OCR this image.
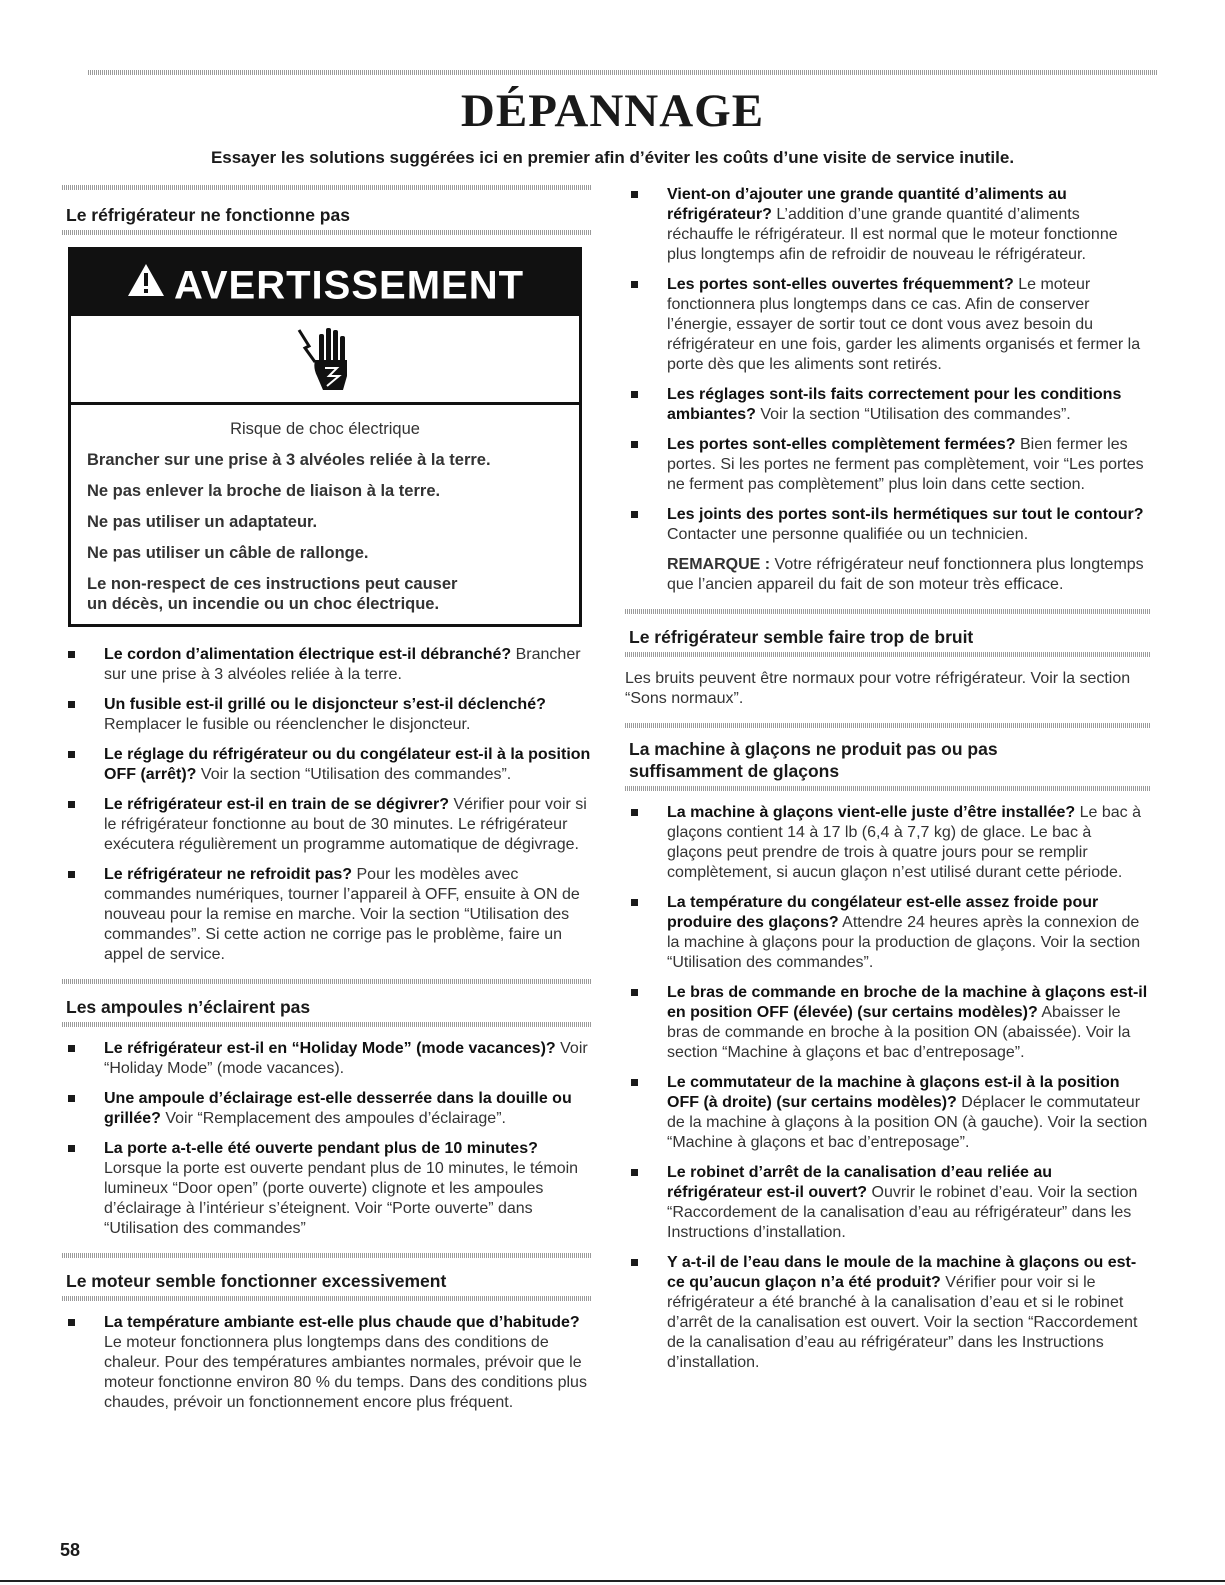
DÉPANNAGE

Essayer les solutions suggérées ici en premier afin d’éviter les coûts d’une visite de service inutile.

Le réfrigérateur ne fonctionne pas
AVERTISSEMENT

Risque de choc électrique

Brancher sur une prise à 3 alvéoles reliée à la terre.

Ne pas enlever la broche de liaison à la terre.

Ne pas utiliser un adaptateur.

Ne pas utiliser un câble de rallonge.

Le non-respect de ces instructions peut causer
un décès, un incendie ou un choc électrique.

Le cordon d’alimentation électrique est-il débranché? Brancher sur une prise à 3 alvéoles reliée à la terre.
Un fusible est-il grillé ou le disjoncteur s’est-il déclenché? Remplacer le fusible ou réenclencher le disjoncteur.
Le réglage du réfrigérateur ou du congélateur est-il à la position OFF (arrêt)? Voir la section “Utilisation des commandes”.
Le réfrigérateur est-il en train de se dégivrer? Vérifier pour voir si le réfrigérateur fonctionne au bout de 30 minutes. Le réfrigérateur exécutera régulièrement un programme automatique de dégivrage.
Le réfrigérateur ne refroidit pas? Pour les modèles avec commandes numériques, tourner l’appareil à OFF, ensuite à ON de nouveau pour la remise en marche. Voir la section “Utilisation des commandes”. Si cette action ne corrige pas le problème, faire un appel de service.
Les ampoules n’éclairent pas
Le réfrigérateur est-il en “Holiday Mode” (mode vacances)? Voir “Holiday Mode” (mode vacances).
Une ampoule d’éclairage est-elle desserrée dans la douille ou grillée? Voir “Remplacement des ampoules d’éclairage”.
La porte a-t-elle été ouverte pendant plus de 10 minutes? Lorsque la porte est ouverte pendant plus de 10 minutes, le témoin lumineux “Door open” (porte ouverte) clignote et les ampoules d’éclairage à l’intérieur s’éteignent. Voir “Porte ouverte” dans “Utilisation des commandes”
Le moteur semble fonctionner excessivement
La température ambiante est-elle plus chaude que d’habitude? Le moteur fonctionnera plus longtemps dans des conditions de chaleur. Pour des températures ambiantes normales, prévoir que le moteur fonctionne environ 80 % du temps. Dans des conditions plus chaudes, prévoir un fonctionnement encore plus fréquent.
Vient-on d’ajouter une grande quantité d’aliments au réfrigérateur? L’addition d’une grande quantité d’aliments réchauffe le réfrigérateur. Il est normal que le moteur fonctionne plus longtemps afin de refroidir de nouveau le réfrigérateur.
Les portes sont-elles ouvertes fréquemment? Le moteur fonctionnera plus longtemps dans ce cas. Afin de conserver l’énergie, essayer de sortir tout ce dont vous avez besoin du réfrigérateur en une fois, garder les aliments organisés et fermer la porte dès que les aliments sont retirés.
Les réglages sont-ils faits correctement pour les conditions ambiantes? Voir la section “Utilisation des commandes”.
Les portes sont-elles complètement fermées? Bien fermer les portes. Si les portes ne ferment pas complètement, voir “Les portes ne ferment pas complètement” plus loin dans cette section.
Les joints des portes sont-ils hermétiques sur tout le contour? Contacter une personne qualifiée ou un technicien.
REMARQUE : Votre réfrigérateur neuf fonctionnera plus longtemps que l’ancien appareil du fait de son moteur très efficace.
Le réfrigérateur semble faire trop de bruit

Les bruits peuvent être normaux pour votre réfrigérateur. Voir la section “Sons normaux”.

La machine à glaçons ne produit pas ou pas
suffisamment de glaçons
La machine à glaçons vient-elle juste d’être installée? Le bac à glaçons contient 14 à 17 lb (6,4 à 7,7 kg) de glace. Le bac à glaçons peut prendre de trois à quatre jours pour se remplir complètement, si aucun glaçon n’est utilisé durant cette période.
La température du congélateur est-elle assez froide pour produire des glaçons? Attendre 24 heures après la connexion de la machine à glaçons pour la production de glaçons. Voir la section “Utilisation des commandes”.
Le bras de commande en broche de la machine à glaçons est-il en position OFF (élevée) (sur certains modèles)? Abaisser le bras de commande en broche à la position ON (abaissée). Voir la section “Machine à glaçons et bac d’entreposage”.
Le commutateur de la machine à glaçons est-il à la position OFF (à droite) (sur certains modèles)? Déplacer le commutateur de la machine à glaçons à la position ON (à gauche). Voir la section “Machine à glaçons et bac d’entreposage”.
Le robinet d’arrêt de la canalisation d’eau reliée au réfrigérateur est-il ouvert? Ouvrir le robinet d’eau. Voir la section “Raccordement de la canalisation d’eau au réfrigérateur” dans les Instructions d’installation.
Y a-t-il de l’eau dans le moule de la machine à glaçons ou est-ce qu’aucun glaçon n’a été produit? Vérifier pour voir si le réfrigérateur a été branché à la canalisation d’eau et si le robinet d’arrêt de la canalisation est ouvert. Voir la section “Raccordement de la canalisation d’eau au réfrigérateur” dans les Instructions d’installation.

58
